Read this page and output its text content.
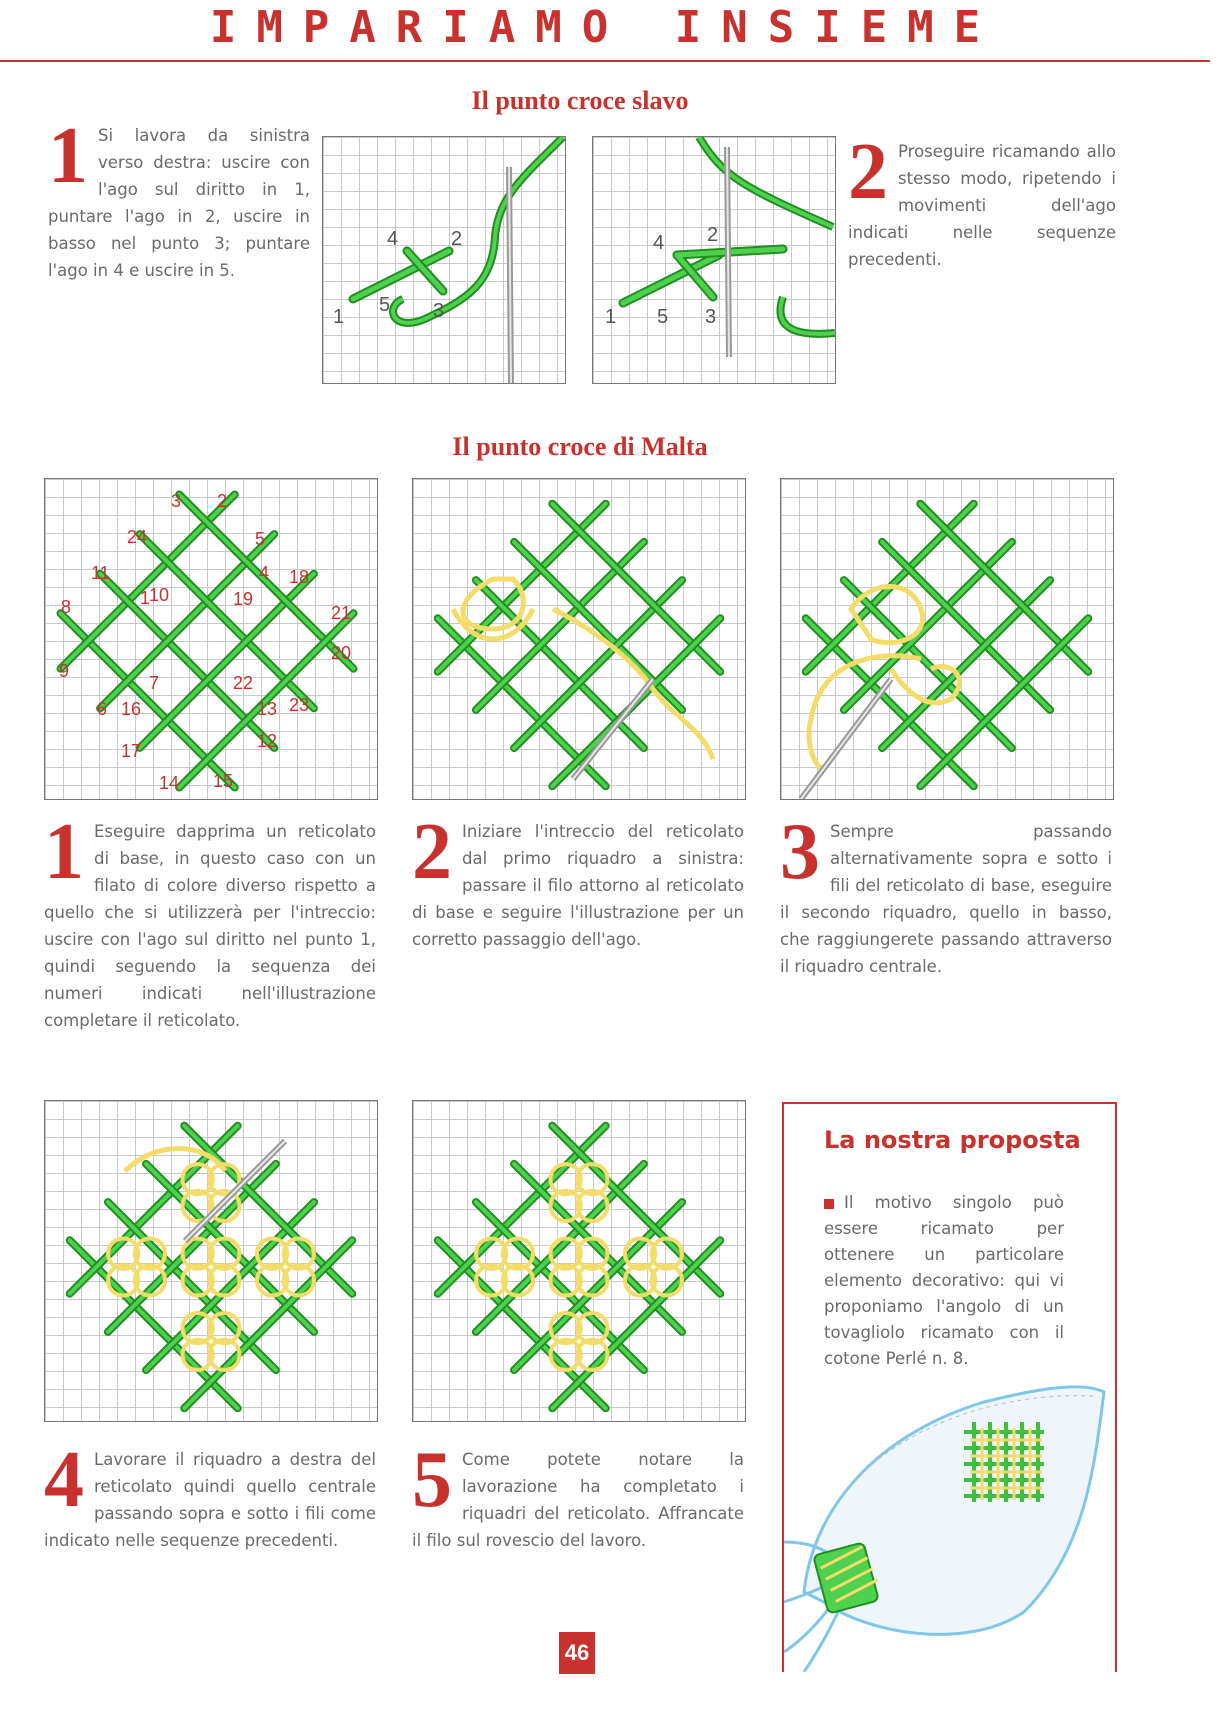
IMPARIAMO INSIEME
Il punto croce slavo
1 Si lavora da sinistra verso destra: uscire con l'ago sul diritto in 1, puntare l'ago in 2, uscire in basso nel punto 3; puntare l'ago in 4 e uscire in 5.
1
2
3
4
5
1
2
3
4
5
2 Proseguire ricamando allo stesso modo, ripetendo i movimenti dell'ago indicati nelle sequenze precedenti.
Il punto croce di Malta
1
2
3
4
5
6
7
8
9
10
11
12
13
14 15
16
17
18
19
20
21
22
23
24
1 Eseguire dapprima un reticolato di base, in questo caso con un filato di colore diverso rispetto a quello che si utilizzerà per l'intreccio: uscire con l'ago sul diritto nel punto 1, quindi seguendo la sequenza dei numeri indicati nell'illustrazione completare il reticolato.
2 Iniziare l'intreccio del reticolato dal primo riquadro a sinistra: passare il filo attorno al reticolato di base e seguire l'illustrazione per un corretto passaggio dell'ago.
3 Sempre passando alternativamente sopra e sotto i fili del reticolato di base, eseguire il secondo riquadro, quello in basso, che raggiungerete passando attraverso il riquadro centrale.
La nostra proposta
Il motivo singolo può essere ricamato per ottenere un particolare elemento decorativo: qui vi proponiamo l'angolo di un tovagliolo ricamato con il cotone Perlé n. 8.
4 Lavorare il riquadro a destra del reticolato quindi quello centrale passando sopra e sotto i fili come indicato nelle sequenze precedenti.
5 Come potete notare la lavorazione ha completato i riquadri del reticolato. Affrancate il filo sul rovescio del lavoro.
46
